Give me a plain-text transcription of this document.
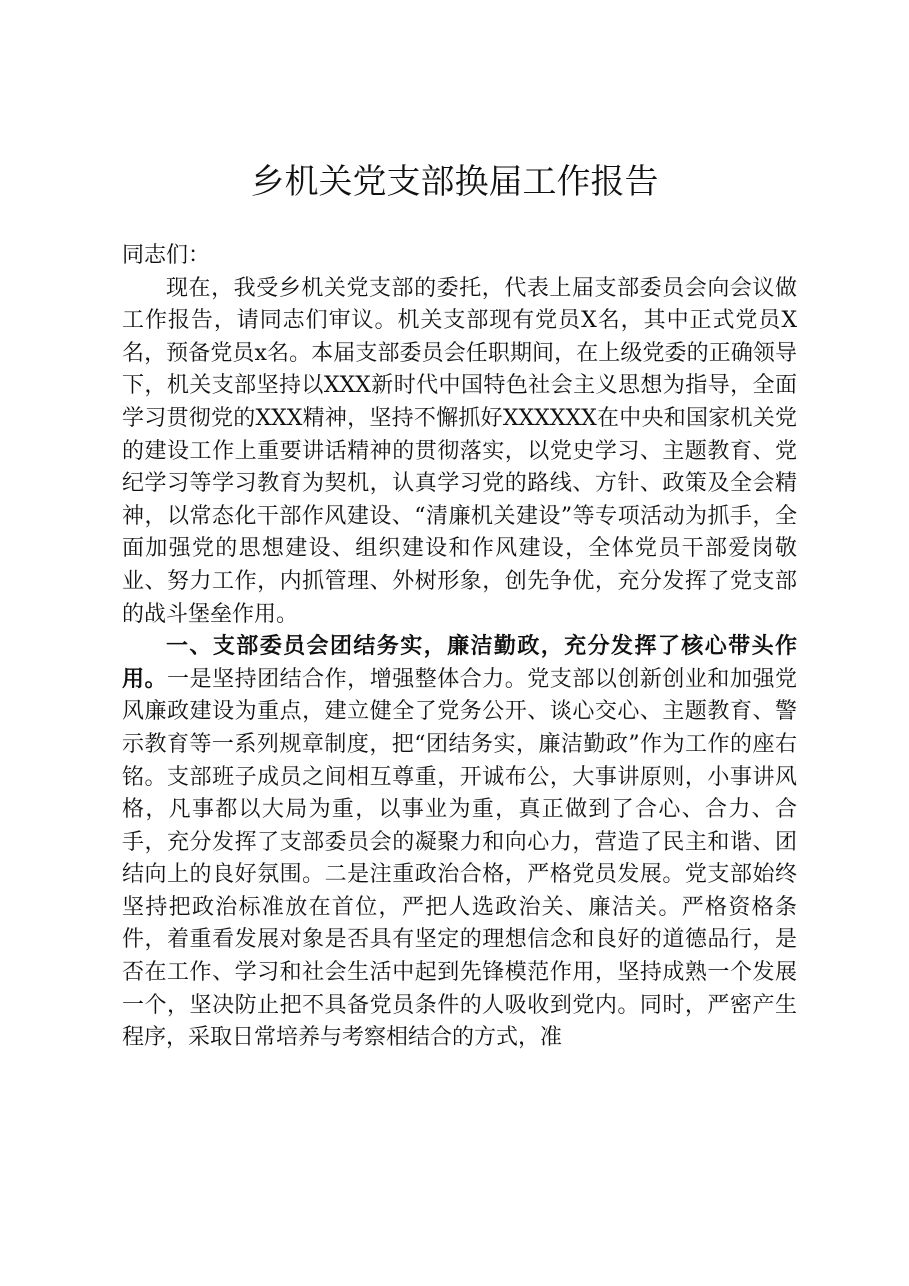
乡机关党支部换届工作报告

同志们：

现在，我受乡机关党支部的委托，代表上届支部委员会向会议做工作报告，请同志们审议。机关支部现有党员X名，其中正式党员X名，预备党员x名。本届支部委员会任职期间，在上级党委的正确领导下，机关支部坚持以XXX新时代中国特色社会主义思想为指导，全面学习贯彻党的XXX精神，坚持不懈抓好XXXXXX在中央和国家机关党的建设工作上重要讲话精神的贯彻落实，以党史学习、主题教育、党纪学习等学习教育为契机，认真学习党的路线、方针、政策及全会精神，以常态化干部作风建设、“清廉机关建设”等专项活动为抓手，全面加强党的思想建设、组织建设和作风建设，全体党员干部爱岗敬业、努力工作，内抓管理、外树形象，创先争优，充分发挥了党支部的战斗堡垒作用。

一、支部委员会团结务实，廉洁勤政，充分发挥了核心带头作用。一是坚持团结合作，增强整体合力。党支部以创新创业和加强党风廉政建设为重点，建立健全了党务公开、谈心交心、主题教育、警示教育等一系列规章制度，把“团结务实，廉洁勤政”作为工作的座右铭。支部班子成员之间相互尊重，开诚布公，大事讲原则，小事讲风格，凡事都以大局为重，以事业为重，真正做到了合心、合力、合手，充分发挥了支部委员会的凝聚力和向心力，营造了民主和谐、团结向上的良好氛围。二是注重政治合格，严格党员发展。党支部始终坚持把政治标准放在首位，严把人选政治关、廉洁关。严格资格条件，着重看发展对象是否具有坚定的理想信念和良好的道德品行，是否在工作、学习和社会生活中起到先锋模范作用，坚持成熟一个发展一个，坚决防止把不具备党员条件的人吸收到党内。同时，严密产生程序，采取日常培养与考察相结合的方式，准
